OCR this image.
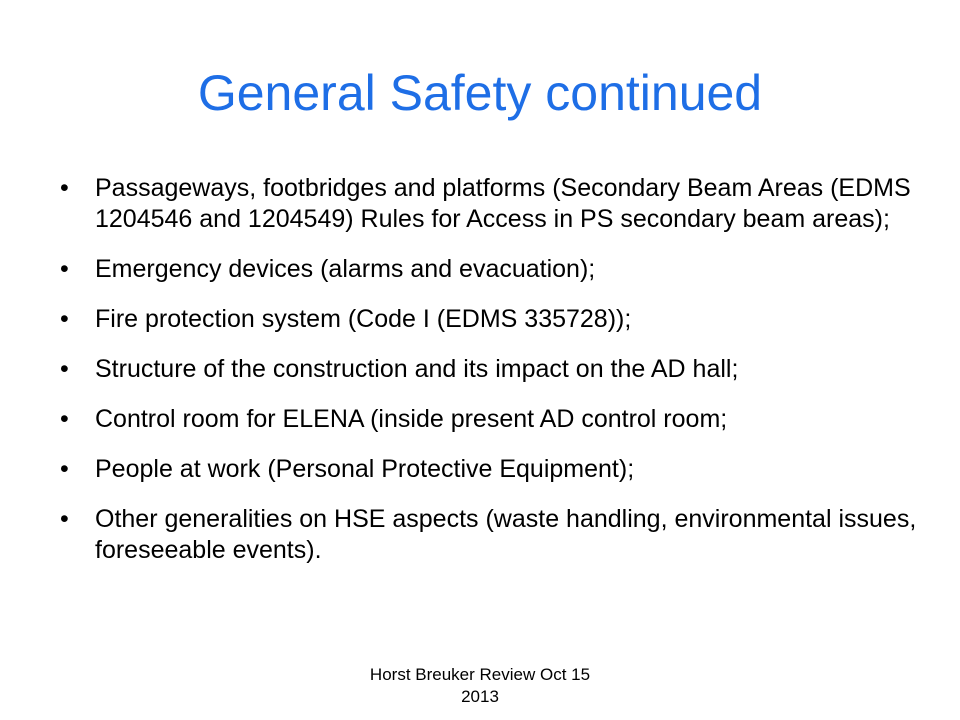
General Safety continued
•	Passageways, footbridges and platforms (Secondary Beam Areas (EDMS 1204546 and 1204549) Rules for Access in PS secondary beam areas);
•	Emergency devices (alarms and evacuation);
•	Fire protection system (Code I (EDMS 335728));
•	Structure of the construction and its impact on the AD hall;
•	Control room for ELENA (inside present AD control room;
•	People at work (Personal Protective Equipment);
•	Other generalities on HSE aspects (waste handling, environmental issues, foreseeable events).
Horst Breuker Review Oct 15
2013
